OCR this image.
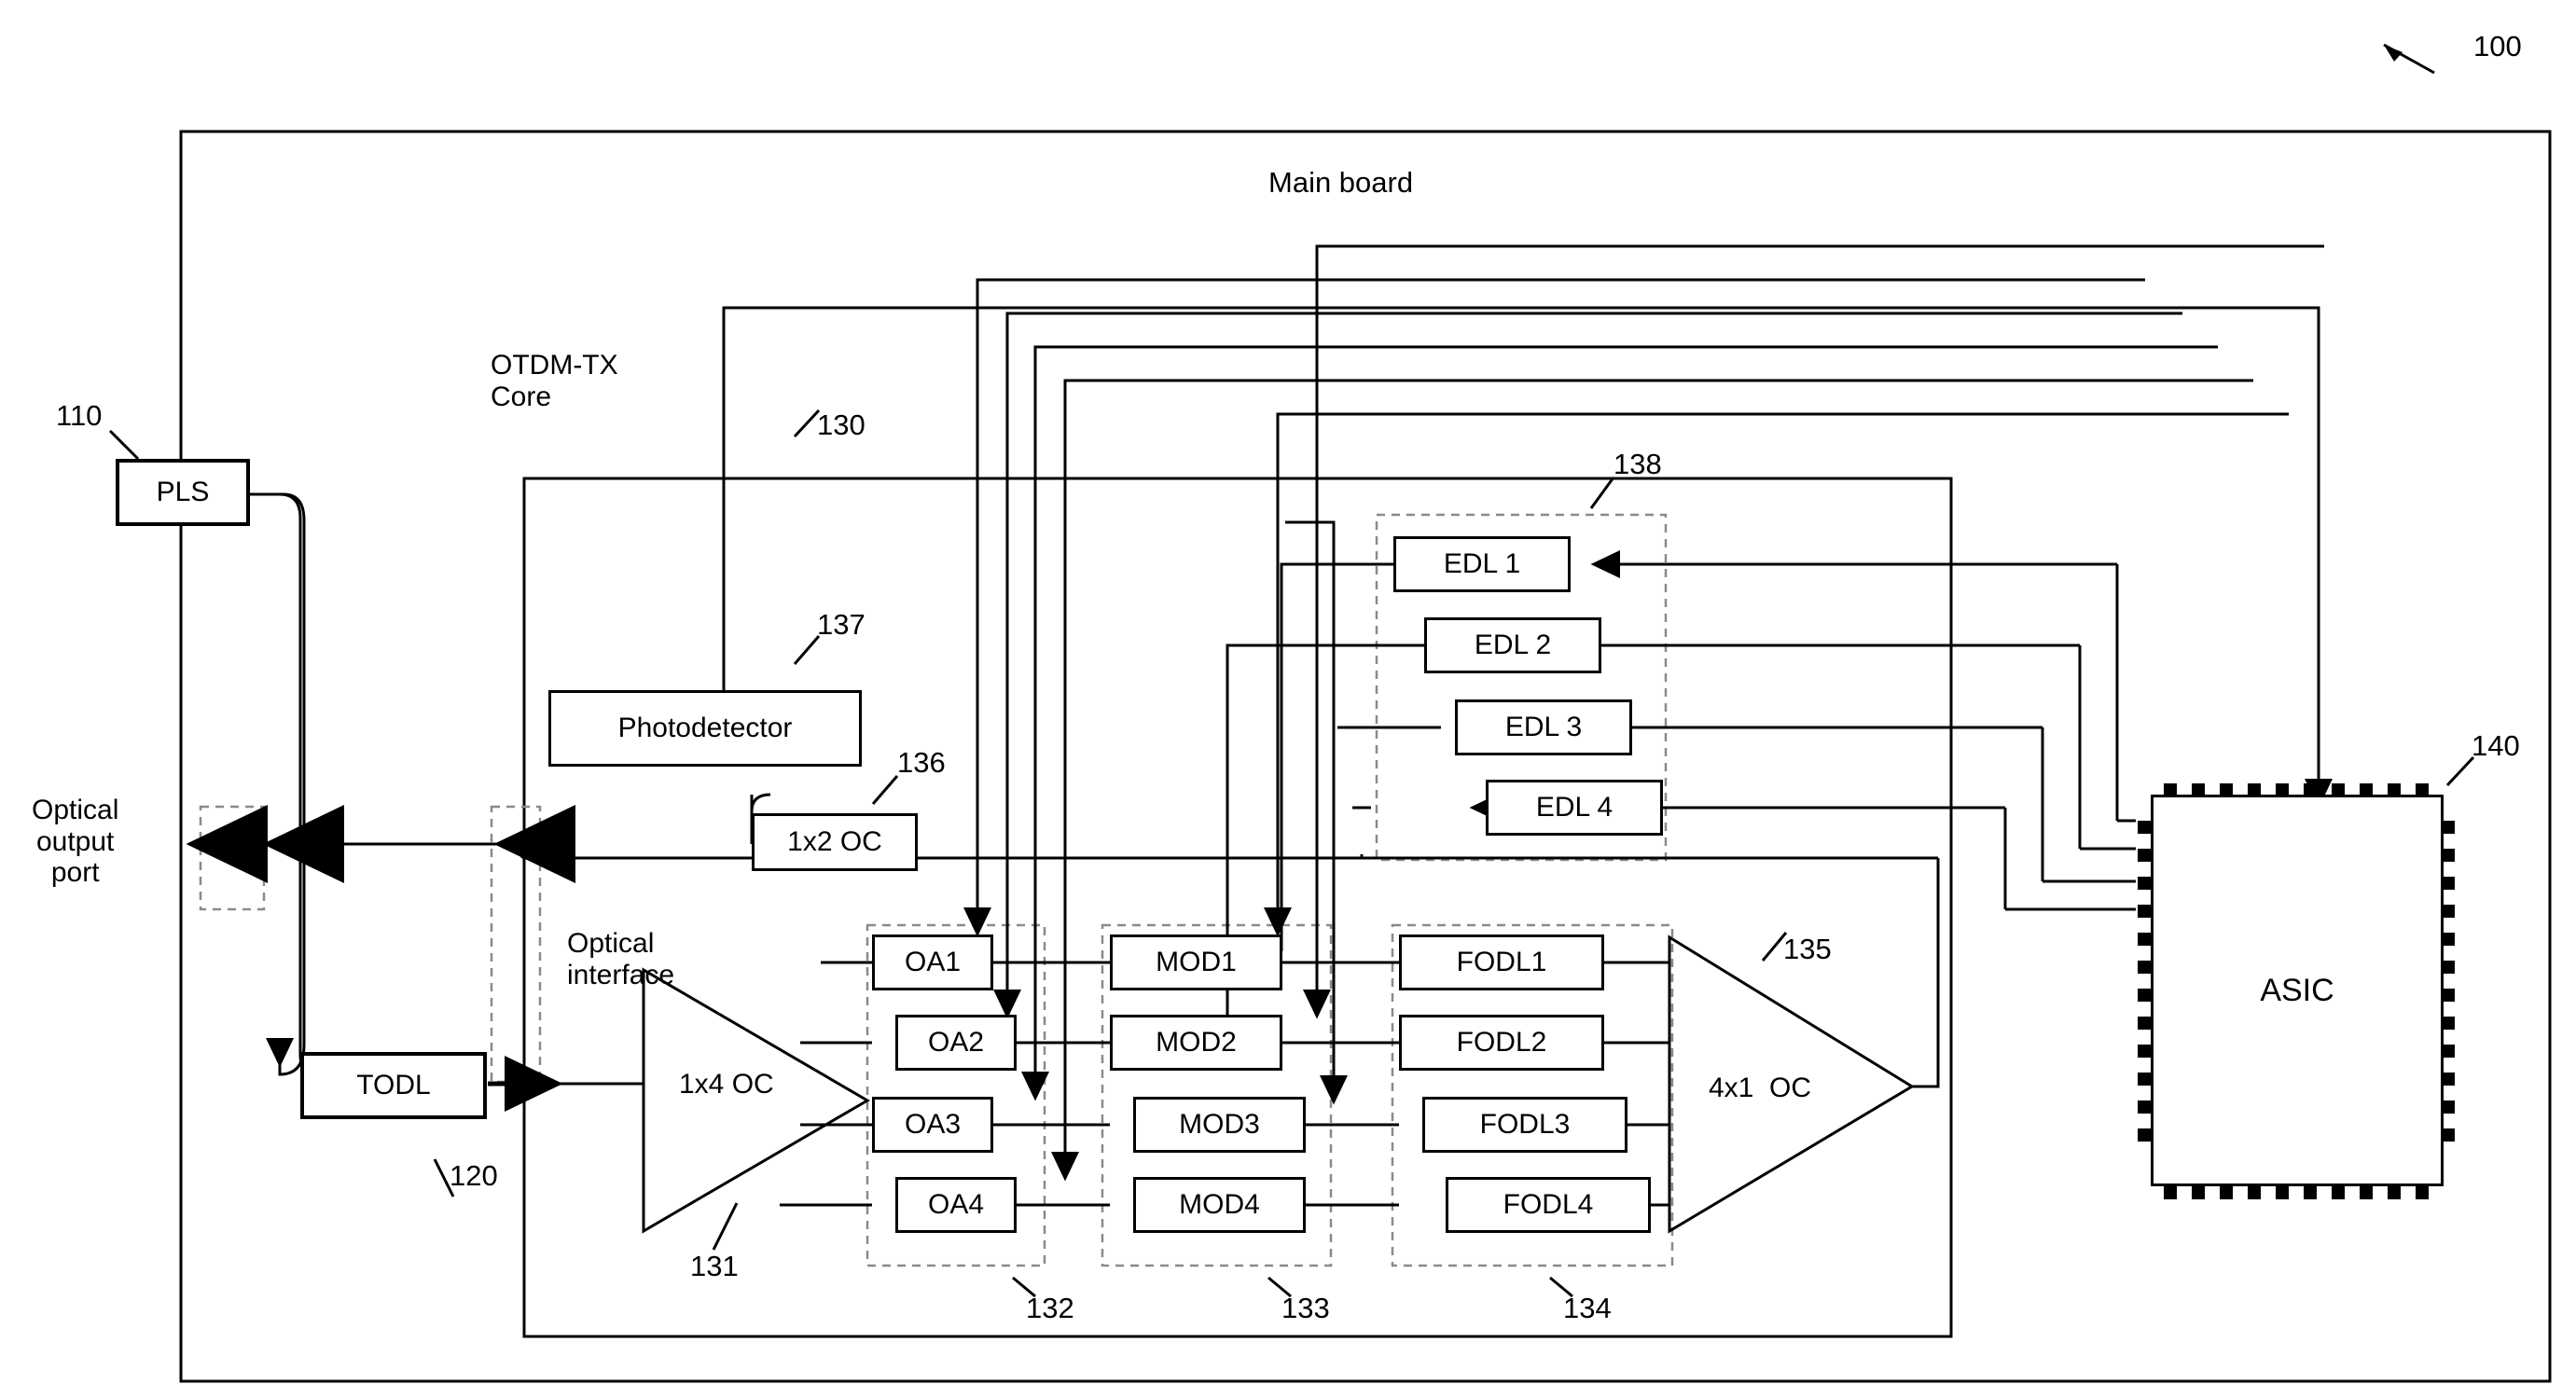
100
Main board
OTDM-TX
Core
110
PLS
130
137
Photodetector
136
1x2 OC
Optical
output
port
TODL
120
Optical
interface
1x4 OC
131
4x1  OC
135
OA1
OA2
OA3
OA4
132
MOD1
MOD2
MOD3
MOD4
133
FODL1
FODL2
FODL3
FODL4
134
138
EDL 1
EDL 2
EDL 3
EDL 4
140
ASIC
